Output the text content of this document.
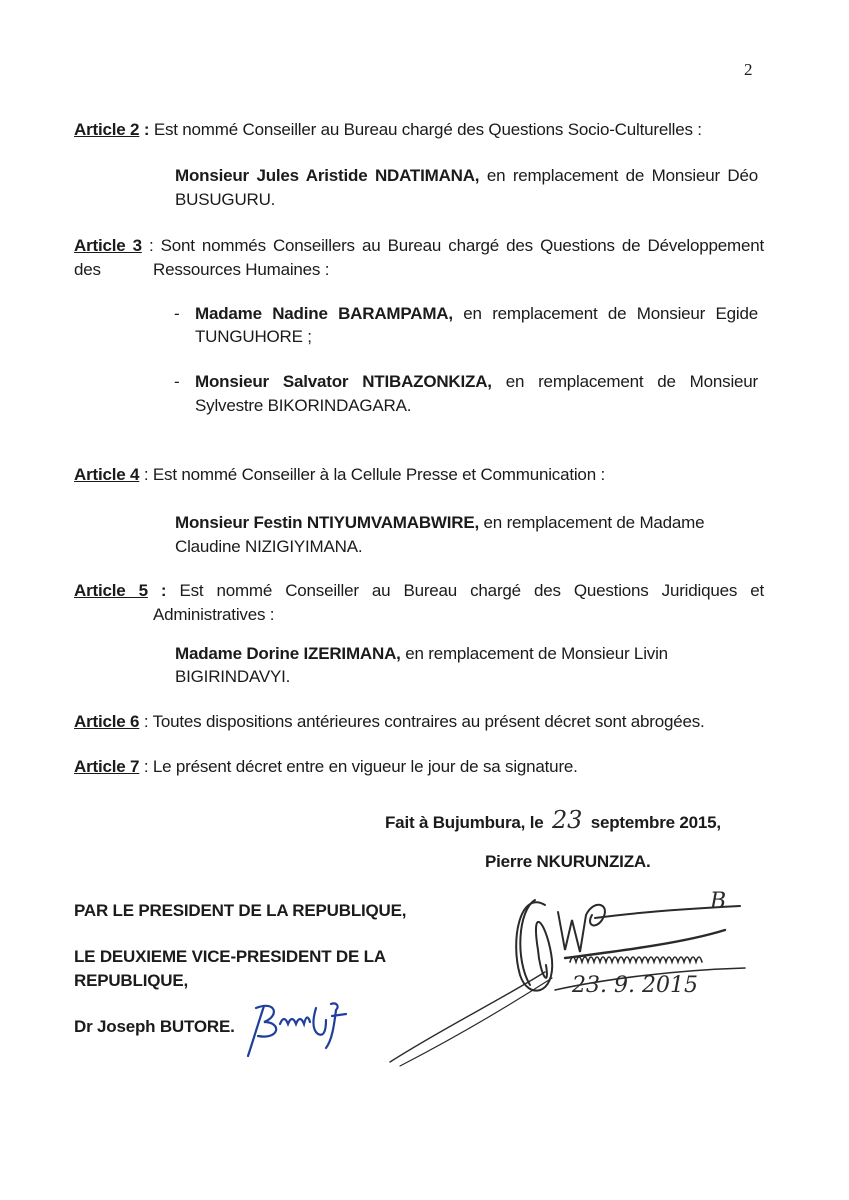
2
Article 2 : Est nommé Conseiller au Bureau chargé des Questions Socio-Culturelles :
Monsieur Jules Aristide NDATIMANA, en remplacement de Monsieur Déo
BUSUGURU.
Article 3 : Sont nommés Conseillers au Bureau chargé des Questions de Développement des	Ressources Humaines :
- Madame Nadine BARAMPAMA, en remplacement de Monsieur Egide
TUNGUHORE ;
- Monsieur Salvator NTIBAZONKIZA, en remplacement de Monsieur
Sylvestre BIKORINDAGARA.
Article 4 : Est nommé Conseiller à la Cellule Presse et Communication :
Monsieur Festin NTIYUMVAMABWIRE, en remplacement de Madame
Claudine NIZIGIYIMANA.
Article 5 : Est nommé Conseiller au Bureau chargé des Questions Juridiques et
Administratives :
Madame Dorine IZERIMANA, en remplacement de Monsieur Livin
BIGIRINDAVYI.
Article 6 : Toutes dispositions antérieures contraires au présent décret sont abrogées.
Article 7 : Le présent décret entre en vigueur le jour de sa signature.
Fait à Bujumbura, le 23 septembre 2015,
Pierre NKURUNZIZA.
B
23. 9. 2015
PAR LE PRESIDENT DE LA REPUBLIQUE,
LE DEUXIEME VICE-PRESIDENT DE LA
REPUBLIQUE,
Dr Joseph BUTORE.
